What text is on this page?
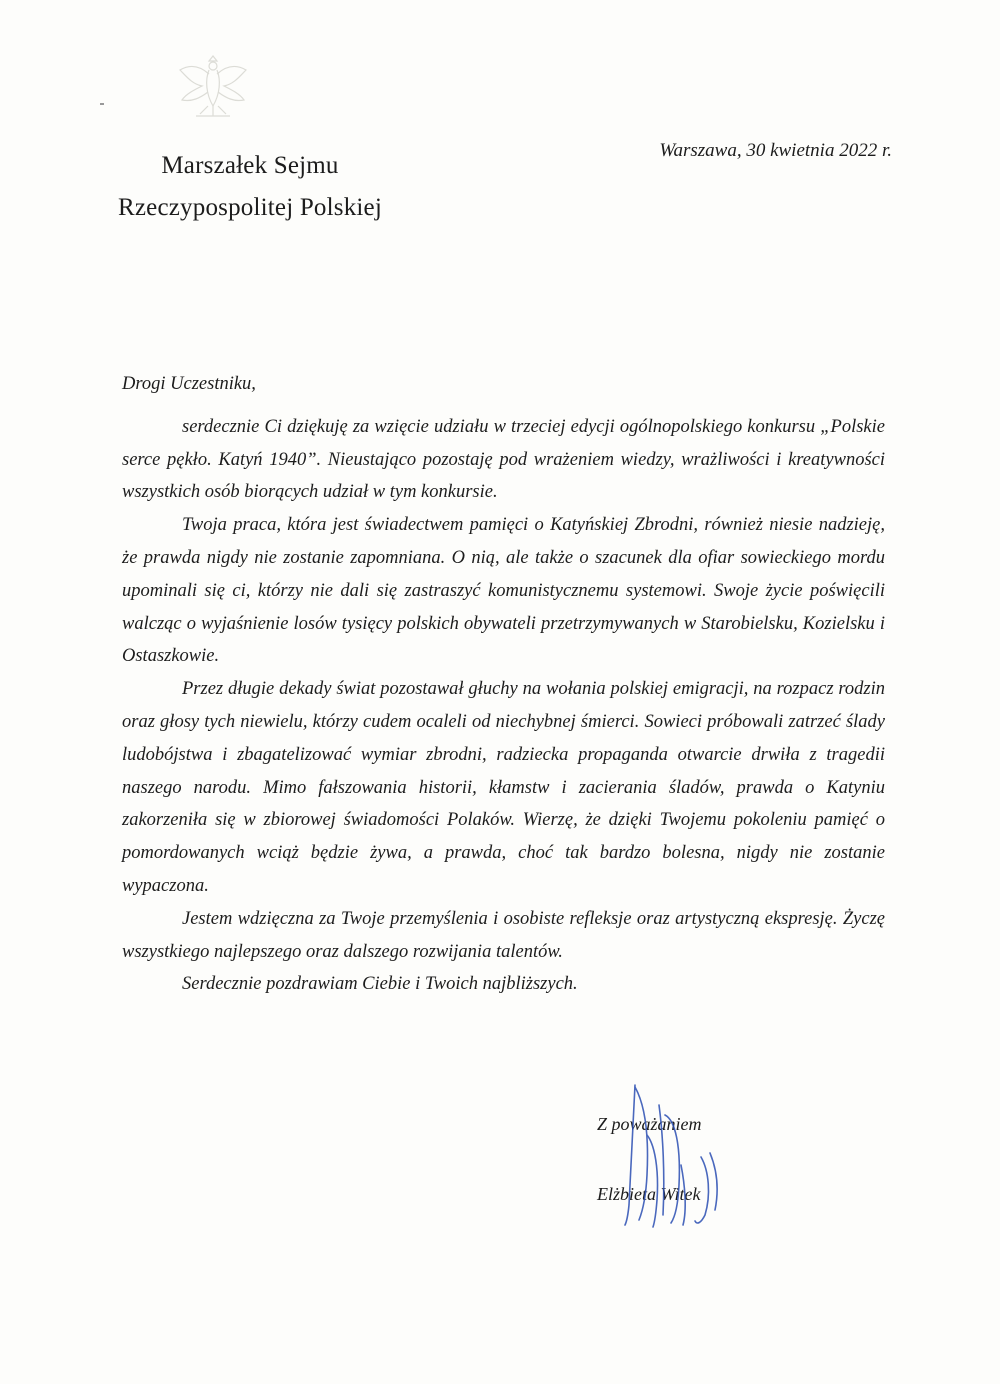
Marszałek Sejmu
Rzeczypospolitej Polskiej
Warszawa, 30 kwietnia 2022 r.
Drogi Uczestniku,

serdecznie Ci dziękuję za wzięcie udziału w trzeciej edycji ogólnopolskiego konkursu „Polskie serce pękło. Katyń 1940”. Nieustająco pozostaję pod wrażeniem wiedzy, wrażliwości i kreatywności wszystkich osób biorących udział w tym konkursie.

Twoja praca, która jest świadectwem pamięci o Katyńskiej Zbrodni, również niesie nadzieję, że prawda nigdy nie zostanie zapomniana. O nią, ale także o szacunek dla ofiar sowieckiego mordu upominali się ci, którzy nie dali się zastraszyć komunistycznemu systemowi. Swoje życie poświęcili walcząc o wyjaśnienie losów tysięcy polskich obywateli przetrzymywanych w Starobielsku, Kozielsku i Ostaszkowie.

Przez długie dekady świat pozostawał głuchy na wołania polskiej emigracji, na rozpacz rodzin oraz głosy tych niewielu, którzy cudem ocaleli od niechybnej śmierci. Sowieci próbowali zatrzeć ślady ludobójstwa i zbagatelizować wymiar zbrodni, radziecka propaganda otwarcie drwiła z tragedii naszego narodu. Mimo fałszowania historii, kłamstw i zacierania śladów, prawda o Katyniu zakorzeniła się w zbiorowej świadomości Polaków. Wierzę, że dzięki Twojemu pokoleniu pamięć o pomordowanych wciąż będzie żywa, a prawda, choć tak bardzo bolesna, nigdy nie zostanie wypaczona.

Jestem wdzięczna za Twoje przemyślenia i osobiste refleksje oraz artystyczną ekspresję. Życzę wszystkiego najlepszego oraz dalszego rozwijania talentów.

Serdecznie pozdrawiam Ciebie i Twoich najbliższych.

Z poważaniem
Elżbieta Witek
